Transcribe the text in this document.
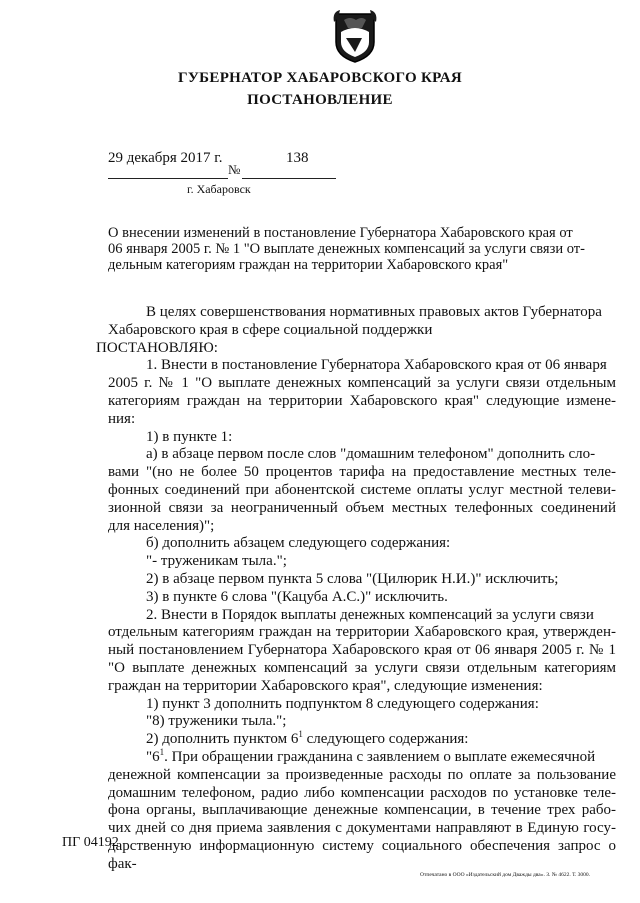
ГУБЕРНАТОР ХАБАРОВСКОГО КРАЯ
ПОСТАНОВЛЕНИЕ
29 декабря 2017 г.
№
138
г. Хабаровск
О внесении изменений в постановление Губернатора Хабаровского края от
06 января 2005 г. № 1 "О выплате денежных компенсаций за услуги связи от-
дельным категориям граждан на территории Хабаровского края"
В целях совершенствования нормативных правовых актов Губернатора
Хабаровского края в сфере социальной поддержки
ПОСТАНОВЛЯЮ:
1. Внести в постановление Губернатора Хабаровского края от 06 января
2005 г. № 1 "О выплате денежных компенсаций за услуги связи отдельным
категориям граждан на территории Хабаровского края" следующие измене-
ния:
1) в пункте 1:
а) в абзаце первом после слов "домашним телефоном" дополнить сло-
вами "(но не более 50 процентов тарифа на предоставление местных теле-
фонных соединений при абонентской системе оплаты услуг местной телеви-
зионной связи за неограниченный объем местных телефонных соединений
для населения)";
б) дополнить абзацем следующего содержания:
"- труженикам тыла.";
2) в абзаце первом пункта 5 слова "(Цилюрик Н.И.)" исключить;
3) в пункте 6 слова "(Кацуба А.С.)" исключить.
2. Внести в Порядок выплаты денежных компенсаций за услуги связи
отдельным категориям граждан на территории Хабаровского края, утвержден-
ный постановлением Губернатора Хабаровского края от 06 января 2005 г. № 1
"О выплате денежных компенсаций за услуги связи отдельным категориям
граждан на территории Хабаровского края", следующие изменения:
1) пункт 3 дополнить подпунктом 8 следующего содержания:
"8) труженики тыла.";
2) дополнить пунктом $6^1$ следующего содержания:
"$6^1$. При обращении гражданина с заявлением о выплате ежемесячной
денежной компенсации за произведенные расходы по оплате за пользование
домашним телефоном, радио либо компенсации расходов по установке теле-
фона органы, выплачивающие денежные компенсации, в течение трех рабо-
чих дней со дня приема заявления с документами направляют в Единую госу-
дарственную информационную систему социального обеспечения запрос о фак-
ПГ 04192
Отпечатано в ООО «Издательский дом Дважды два». З. № 4622. Т. 3000.
